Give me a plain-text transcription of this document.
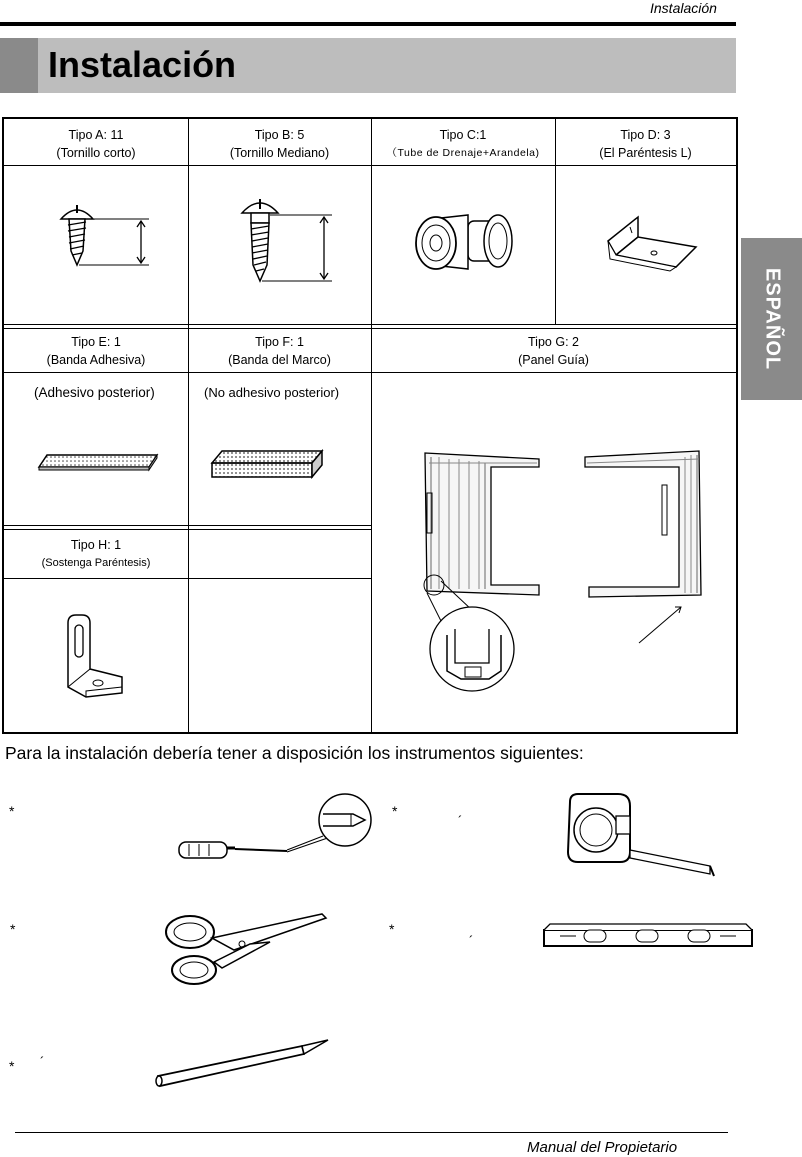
Instalación
Instalación
ESPAÑOL
Tipo A: 11
(Tornillo corto)
Tipo B: 5
(Tornillo Mediano)
Tipo C:1
（Tube de Drenaje+Arandela)
Tipo D: 3
(El Paréntesis L)
Tipo E: 1
(Banda Adhesiva)
Tipo F: 1
(Banda del Marco)
Tipo G: 2
(Panel Guía)
(Adhesivo posterior)	(No adhesivo posterior)
Tipo H: 1
(Sostenga Paréntesis)
Para la instalación debería tener a disposición los instrumentos siguientes:
*	*
´
*	*
´
´
*
Manual del Propietario
